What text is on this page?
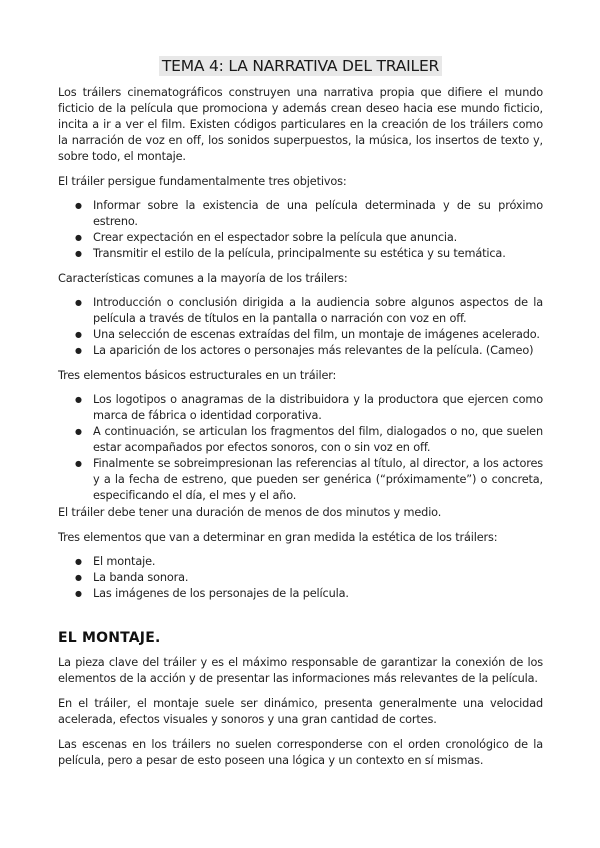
TEMA 4: LA NARRATIVA DEL TRAILER

Los tráilers cinematográficos construyen una narrativa propia que difiere el mundo ficticio de la película que promociona y además crean deseo hacia ese mundo ficticio, incita a ir a ver el film. Existen códigos particulares en la creación de los tráilers como la narración de voz en off, los sonidos superpuestos, la música, los insertos de texto y, sobre todo, el montaje.

El tráiler persigue fundamentalmente tres objetivos:

● Informar sobre la existencia de una película determinada y de su próximo estreno.
● Crear expectación en el espectador sobre la película que anuncia.
● Transmitir el estilo de la película, principalmente su estética y su temática.

Características comunes a la mayoría de los tráilers:

● Introducción o conclusión dirigida a la audiencia sobre algunos aspectos de la película a través de títulos en la pantalla o narración con voz en off.
● Una selección de escenas extraídas del film, un montaje de imágenes acelerado.
● La aparición de los actores o personajes más relevantes de la película. (Cameo)

Tres elementos básicos estructurales en un tráiler:

● Los logotipos o anagramas de la distribuidora y la productora que ejercen como marca de fábrica o identidad corporativa.
● A continuación, se articulan los fragmentos del film, dialogados o no, que suelen estar acompañados por efectos sonoros, con o sin voz en off.
● Finalmente se sobreimpresionan las referencias al título, al director, a los actores y a la fecha de estreno, que pueden ser genérica (“próximamente”) o concreta, especificando el día, el mes y el año.

El tráiler debe tener una duración de menos de dos minutos y medio.

Tres elementos que van a determinar en gran medida la estética de los tráilers:

● El montaje.
● La banda sonora.
● Las imágenes de los personajes de la película.
EL MONTAJE.

La pieza clave del tráiler y es el máximo responsable de garantizar la conexión de los elementos de la acción y de presentar las informaciones más relevantes de la película.

En el tráiler, el montaje suele ser dinámico, presenta generalmente una velocidad acelerada, efectos visuales y sonoros y una gran cantidad de cortes.

Las escenas en los tráilers no suelen corresponderse con el orden cronológico de la película, pero a pesar de esto poseen una lógica y un contexto en sí mismas.
